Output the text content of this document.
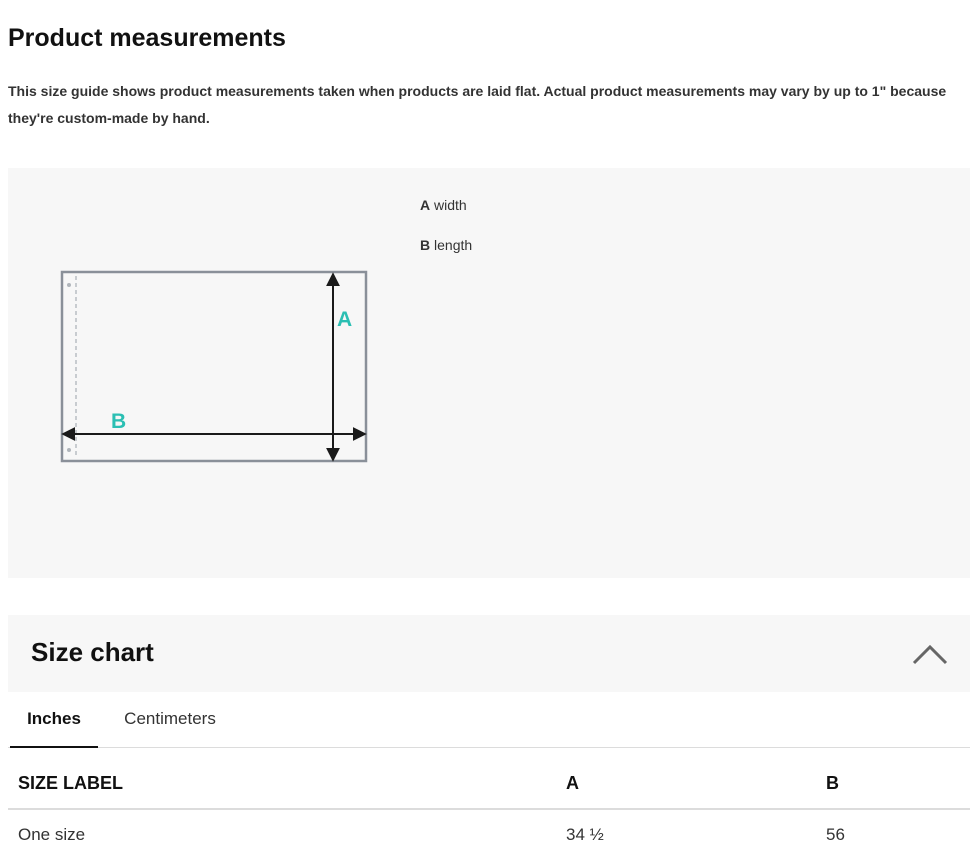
Product measurements

This size guide shows product measurements taken when products are laid flat. Actual product measurements may vary by up to 1" because they're custom-made by hand.

A
B
A width
B length
Size chart
Inches	Centimeters
SIZE LABEL	A	B
One size	34 ½	56
